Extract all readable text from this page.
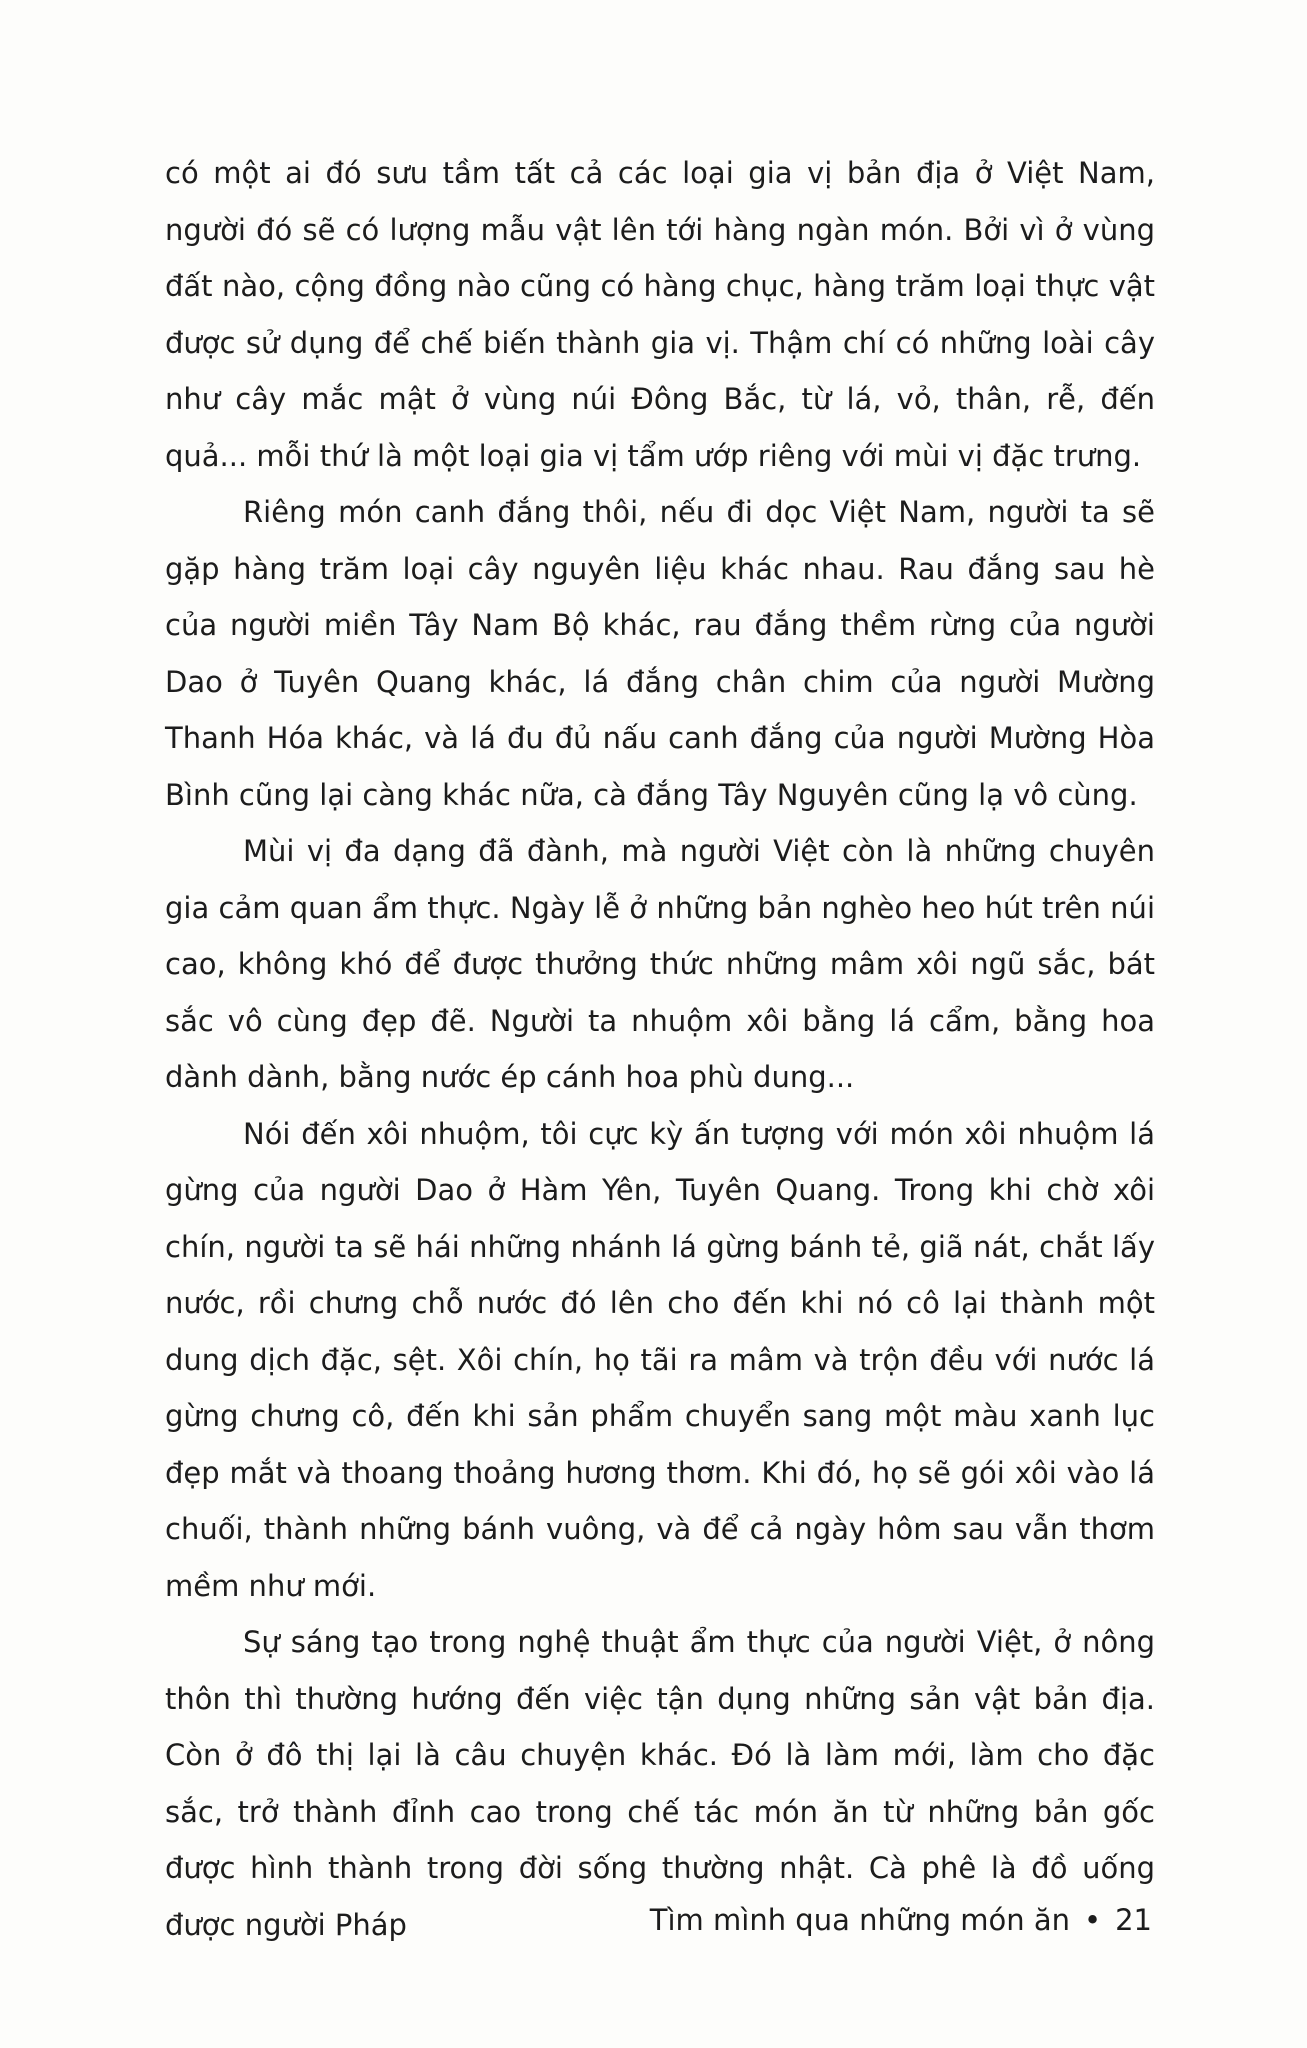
có một ai đó sưu tầm tất cả các loại gia vị bản địa ở Việt Nam, người đó sẽ có lượng mẫu vật lên tới hàng ngàn món. Bởi vì ở vùng đất nào, cộng đồng nào cũng có hàng chục, hàng trăm loại thực vật được sử dụng để chế biến thành gia vị. Thậm chí có những loài cây như cây mắc mật ở vùng núi Đông Bắc, từ lá, vỏ, thân, rễ, đến quả... mỗi thứ là một loại gia vị tẩm ướp riêng với mùi vị đặc trưng.

Riêng món canh đắng thôi, nếu đi dọc Việt Nam, người ta sẽ gặp hàng trăm loại cây nguyên liệu khác nhau. Rau đắng sau hè của người miền Tây Nam Bộ khác, rau đắng thềm rừng của người Dao ở Tuyên Quang khác, lá đắng chân chim của người Mường Thanh Hóa khác, và lá đu đủ nấu canh đắng của người Mường Hòa Bình cũng lại càng khác nữa, cà đắng Tây Nguyên cũng lạ vô cùng.

Mùi vị đa dạng đã đành, mà người Việt còn là những chuyên gia cảm quan ẩm thực. Ngày lễ ở những bản nghèo heo hút trên núi cao, không khó để được thưởng thức những mâm xôi ngũ sắc, bát sắc vô cùng đẹp đẽ. Người ta nhuộm xôi bằng lá cẩm, bằng hoa dành dành, bằng nước ép cánh hoa phù dung...

Nói đến xôi nhuộm, tôi cực kỳ ấn tượng với món xôi nhuộm lá gừng của người Dao ở Hàm Yên, Tuyên Quang. Trong khi chờ xôi chín, người ta sẽ hái những nhánh lá gừng bánh tẻ, giã nát, chắt lấy nước, rồi chưng chỗ nước đó lên cho đến khi nó cô lại thành một dung dịch đặc, sệt. Xôi chín, họ tãi ra mâm và trộn đều với nước lá gừng chưng cô, đến khi sản phẩm chuyển sang một màu xanh lục đẹp mắt và thoang thoảng hương thơm. Khi đó, họ sẽ gói xôi vào lá chuối, thành những bánh vuông, và để cả ngày hôm sau vẫn thơm mềm như mới.

Sự sáng tạo trong nghệ thuật ẩm thực của người Việt, ở nông thôn thì thường hướng đến việc tận dụng những sản vật bản địa. Còn ở đô thị lại là câu chuyện khác. Đó là làm mới, làm cho đặc sắc, trở thành đỉnh cao trong chế tác món ăn từ những bản gốc được hình thành trong đời sống thường nhật. Cà phê là đồ uống được người Pháp	Tìm mình qua những món ăn • 21
